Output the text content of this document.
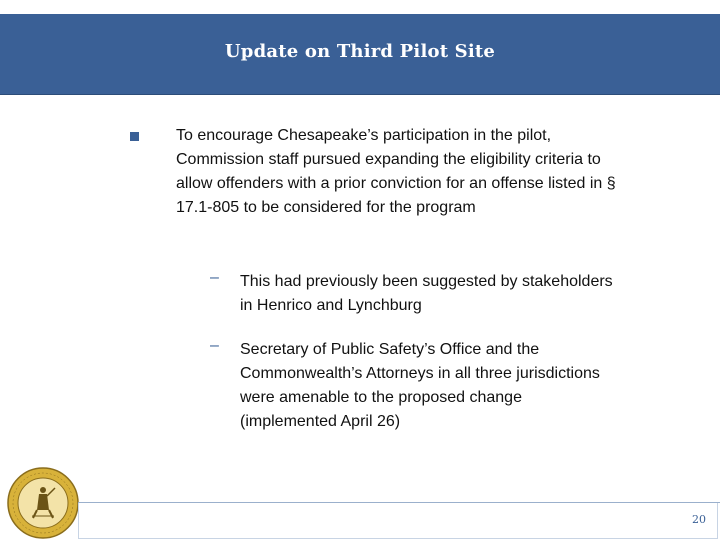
Update on Third Pilot Site
To encourage Chesapeake’s participation in the pilot, Commission staff pursued expanding the eligibility criteria to allow offenders with a prior conviction for an offense listed in § 17.1-805 to be considered for the program
– This had previously been suggested by stakeholders in Henrico and Lynchburg
– Secretary of Public Safety’s Office and the Commonwealth’s Attorneys in all three jurisdictions were amenable to the proposed change (implemented April 26)
20
